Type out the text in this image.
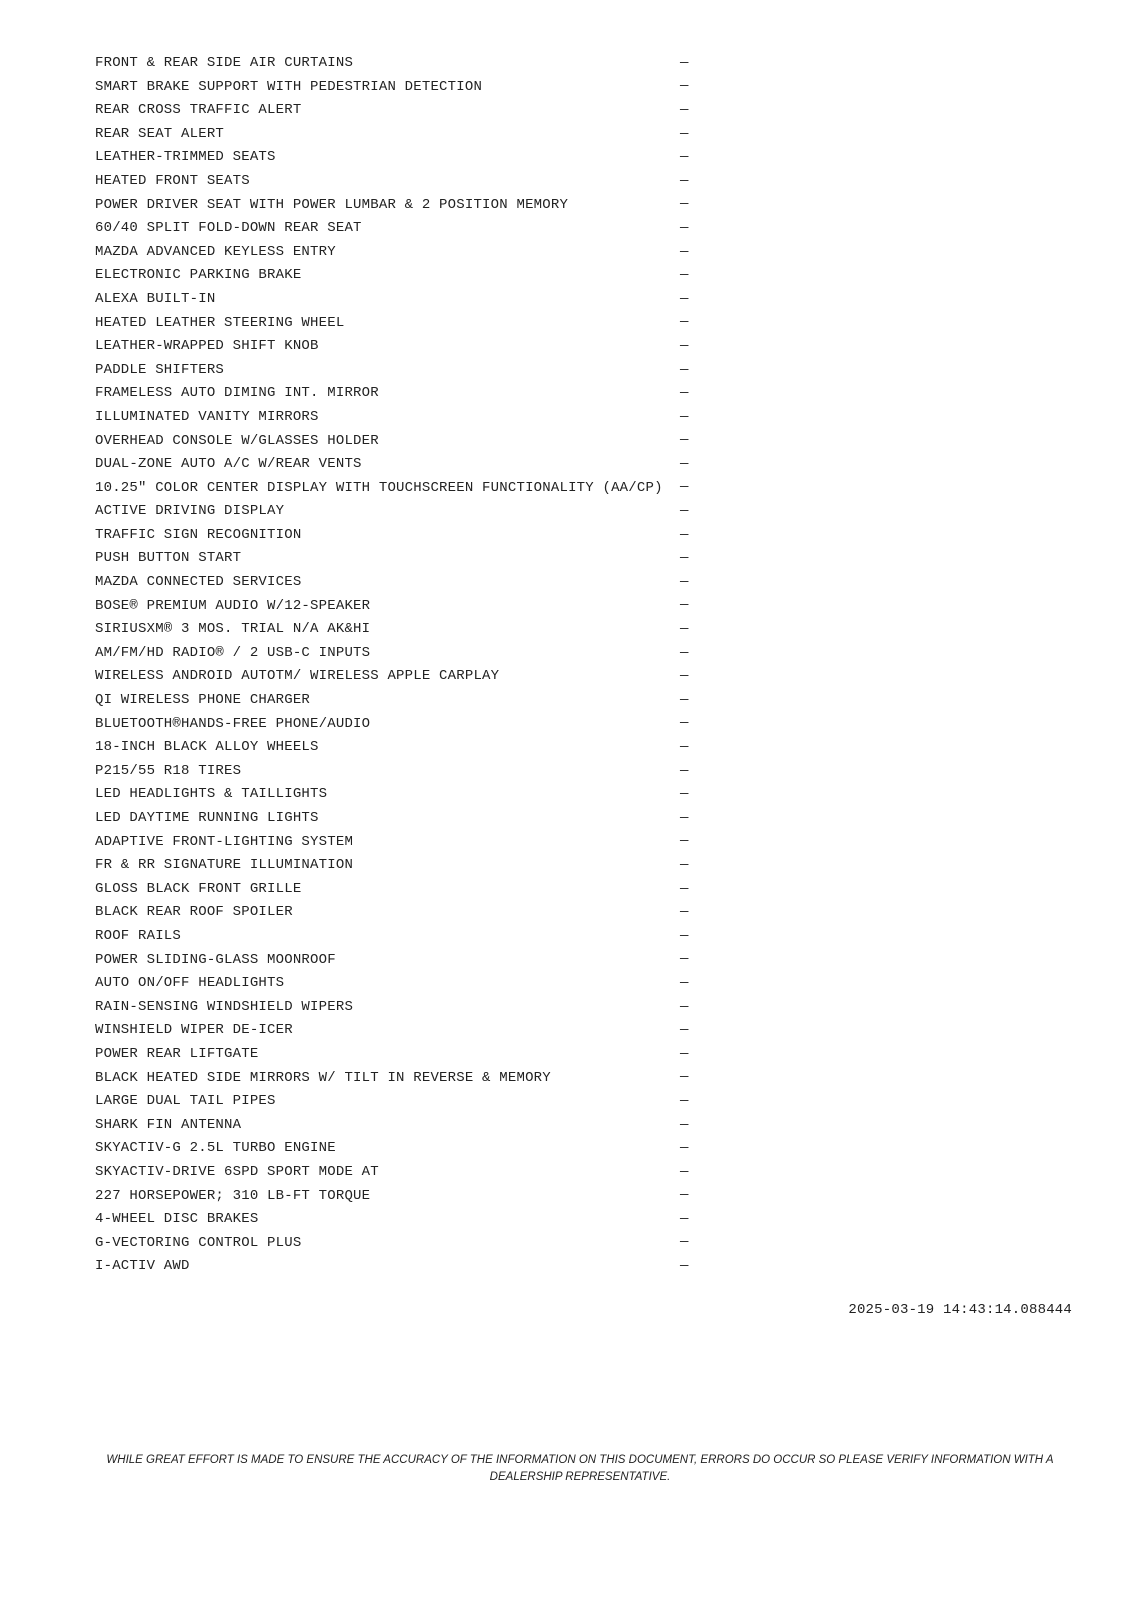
FRONT & REAR SIDE AIR CURTAINS	—
SMART BRAKE SUPPORT WITH PEDESTRIAN DETECTION	—
REAR CROSS TRAFFIC ALERT	—
REAR SEAT ALERT	—
LEATHER-TRIMMED SEATS	—
HEATED FRONT SEATS	—
POWER DRIVER SEAT WITH POWER LUMBAR & 2 POSITION MEMORY	—
60/40 SPLIT FOLD-DOWN REAR SEAT	—
MAZDA ADVANCED KEYLESS ENTRY	—
ELECTRONIC PARKING BRAKE	—
ALEXA BUILT-IN	—
HEATED LEATHER STEERING WHEEL	—
LEATHER-WRAPPED SHIFT KNOB	—
PADDLE SHIFTERS	—
FRAMELESS AUTO DIMING INT. MIRROR	—
ILLUMINATED VANITY MIRRORS	—
OVERHEAD CONSOLE W/GLASSES HOLDER	—
DUAL-ZONE AUTO A/C W/REAR VENTS	—
10.25" COLOR CENTER DISPLAY WITH TOUCHSCREEN FUNCTIONALITY (AA/CP)	—
ACTIVE DRIVING DISPLAY	—
TRAFFIC SIGN RECOGNITION	—
PUSH BUTTON START	—
MAZDA CONNECTED SERVICES	—
BOSE® PREMIUM AUDIO W/12-SPEAKER	—
SIRIUSXM® 3 MOS. TRIAL N/A AK&HI	—
AM/FM/HD RADIO® / 2 USB-C INPUTS	—
WIRELESS ANDROID AUTOTM/ WIRELESS APPLE CARPLAY	—
QI WIRELESS PHONE CHARGER	—
BLUETOOTH®HANDS-FREE PHONE/AUDIO	—
18-INCH BLACK ALLOY WHEELS	—
P215/55 R18 TIRES	—
LED HEADLIGHTS & TAILLIGHTS	—
LED DAYTIME RUNNING LIGHTS	—
ADAPTIVE FRONT-LIGHTING SYSTEM	—
FR & RR SIGNATURE ILLUMINATION	—
GLOSS BLACK FRONT GRILLE	—
BLACK REAR ROOF SPOILER	—
ROOF RAILS	—
POWER SLIDING-GLASS MOONROOF	—
AUTO ON/OFF HEADLIGHTS	—
RAIN-SENSING WINDSHIELD WIPERS	—
WINSHIELD WIPER DE-ICER	—
POWER REAR LIFTGATE	—
BLACK HEATED SIDE MIRRORS W/ TILT IN REVERSE & MEMORY	—
LARGE DUAL TAIL PIPES	—
SHARK FIN ANTENNA	—
SKYACTIV-G 2.5L TURBO ENGINE	—
SKYACTIV-DRIVE 6SPD SPORT MODE AT	—
227 HORSEPOWER; 310 LB-FT TORQUE	—
4-WHEEL DISC BRAKES	—
G-VECTORING CONTROL PLUS	—
I-ACTIV AWD	—
2025-03-19 14:43:14.088444
WHILE GREAT EFFORT IS MADE TO ENSURE THE ACCURACY OF THE INFORMATION ON THIS DOCUMENT, ERRORS DO OCCUR SO PLEASE VERIFY INFORMATION WITH A DEALERSHIP REPRESENTATIVE.
